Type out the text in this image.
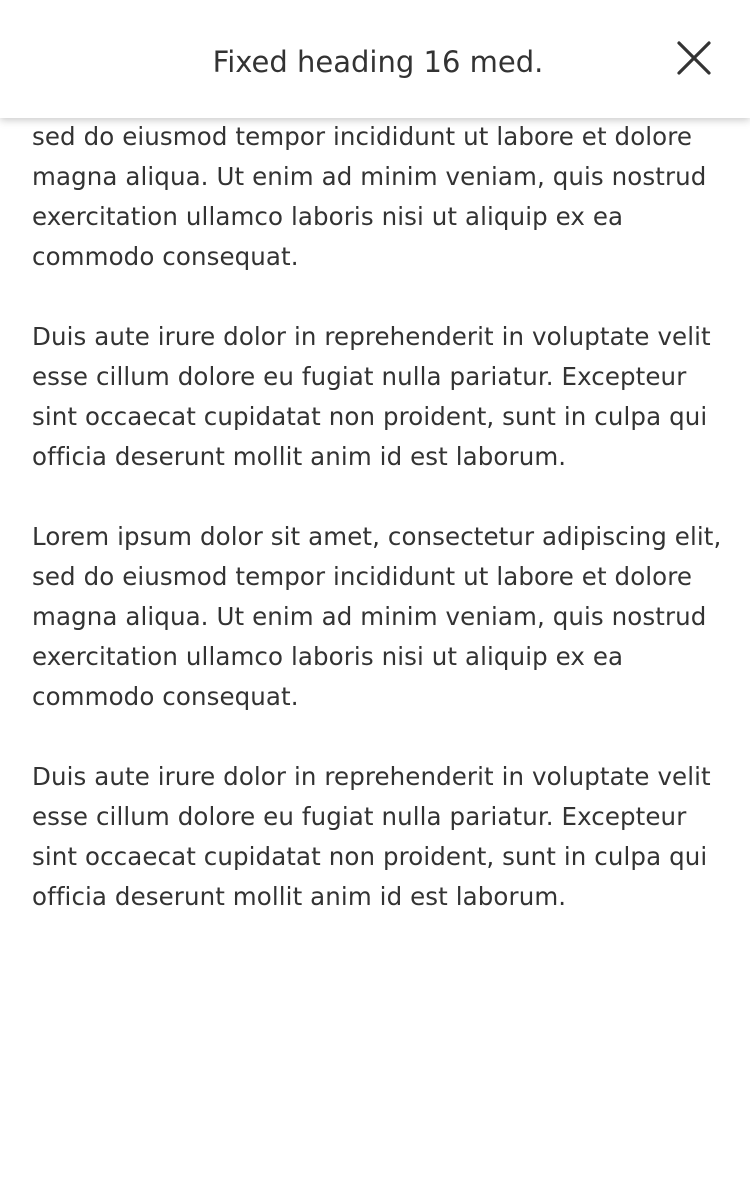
sed do eiusmod tempor incididunt ut labore et dolore magna aliqua. Ut enim ad minim veniam, quis nostrud exercitation ullamco laboris nisi ut aliquip ex ea commodo consequat.

Duis aute irure dolor in reprehenderit in voluptate velit esse cillum dolore eu fugiat nulla pariatur. Excepteur sint occaecat cupidatat non proident, sunt in culpa qui officia deserunt mollit anim id est laborum.

Lorem ipsum dolor sit amet, consectetur adipiscing elit, sed do eiusmod tempor incididunt ut labore et dolore magna aliqua. Ut enim ad minim veniam, quis nostrud exercitation ullamco laboris nisi ut aliquip ex ea commodo consequat.

Duis aute irure dolor in reprehenderit in voluptate velit esse cillum dolore eu fugiat nulla pariatur. Excepteur sint occaecat cupidatat non proident, sunt in culpa qui officia deserunt mollit anim id est laborum.

Fixed heading 16 med.
